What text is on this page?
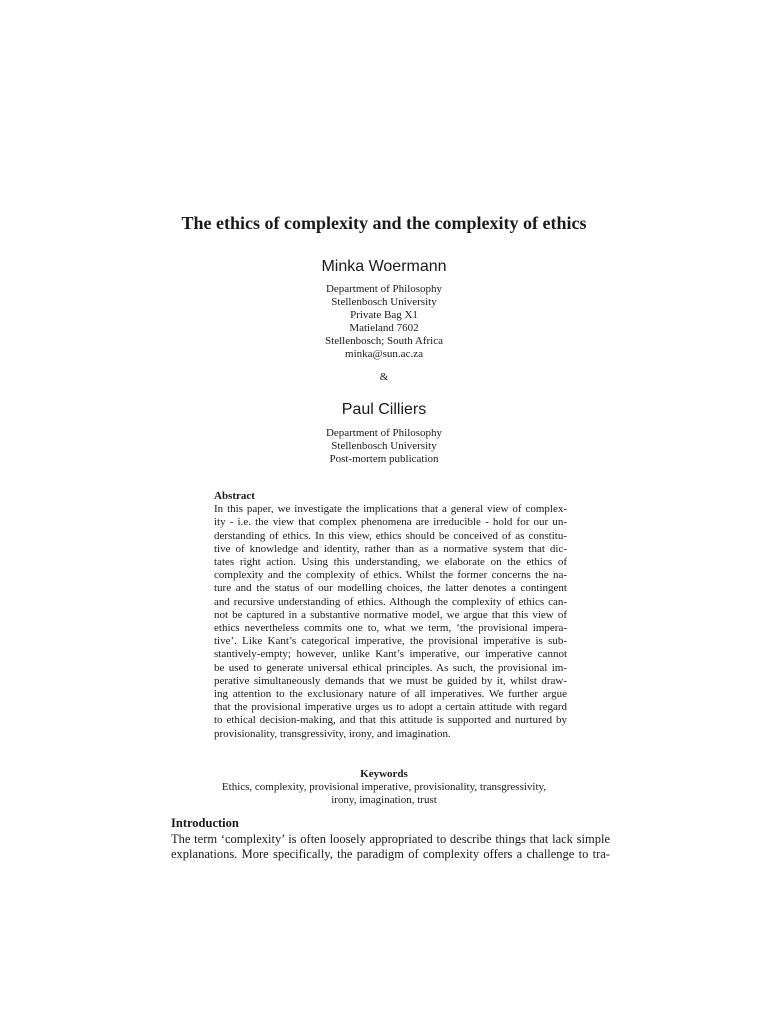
The ethics of complexity and the complexity of ethics
Minka Woermann
Department of Philosophy
Stellenbosch University
Private Bag X1
Matieland 7602
Stellenbosch; South Africa
minka@sun.ac.za
&
Paul Cilliers
Department of Philosophy
Stellenbosch University
Post-mortem publication
Abstract
In this paper, we investigate the implications that a general view of complex-
ity - i.e. the view that complex phenomena are irreducible - hold for our un-
derstanding of ethics. In this view, ethics should be conceived of as constitu-
tive of knowledge and identity, rather than as a normative system that dic-
tates right action. Using this understanding, we elaborate on the ethics of
complexity and the complexity of ethics. Whilst the former concerns the na-
ture and the status of our modelling choices, the latter denotes a contingent
and recursive understanding of ethics. Although the complexity of ethics can-
not be captured in a substantive normative model, we argue that this view of
ethics nevertheless commits one to, what we term, ‘the provisional impera-
tive’. Like Kant’s categorical imperative, the provisional imperative is sub-
stantively-empty; however, unlike Kant’s imperative, our imperative cannot
be used to generate universal ethical principles. As such, the provisional im-
perative simultaneously demands that we must be guided by it, whilst draw-
ing attention to the exclusionary nature of all imperatives. We further argue
that the provisional imperative urges us to adopt a certain attitude with regard
to ethical decision-making, and that this attitude is supported and nurtured by
provisionality, transgressivity, irony, and imagination.
Keywords
Ethics, complexity, provisional imperative, provisionality, transgressivity,
irony, imagination, trust
Introduction
The term ‘complexity’ is often loosely appropriated to describe things that lack simple
explanations. More specifically, the paradigm of complexity offers a challenge to tra-
